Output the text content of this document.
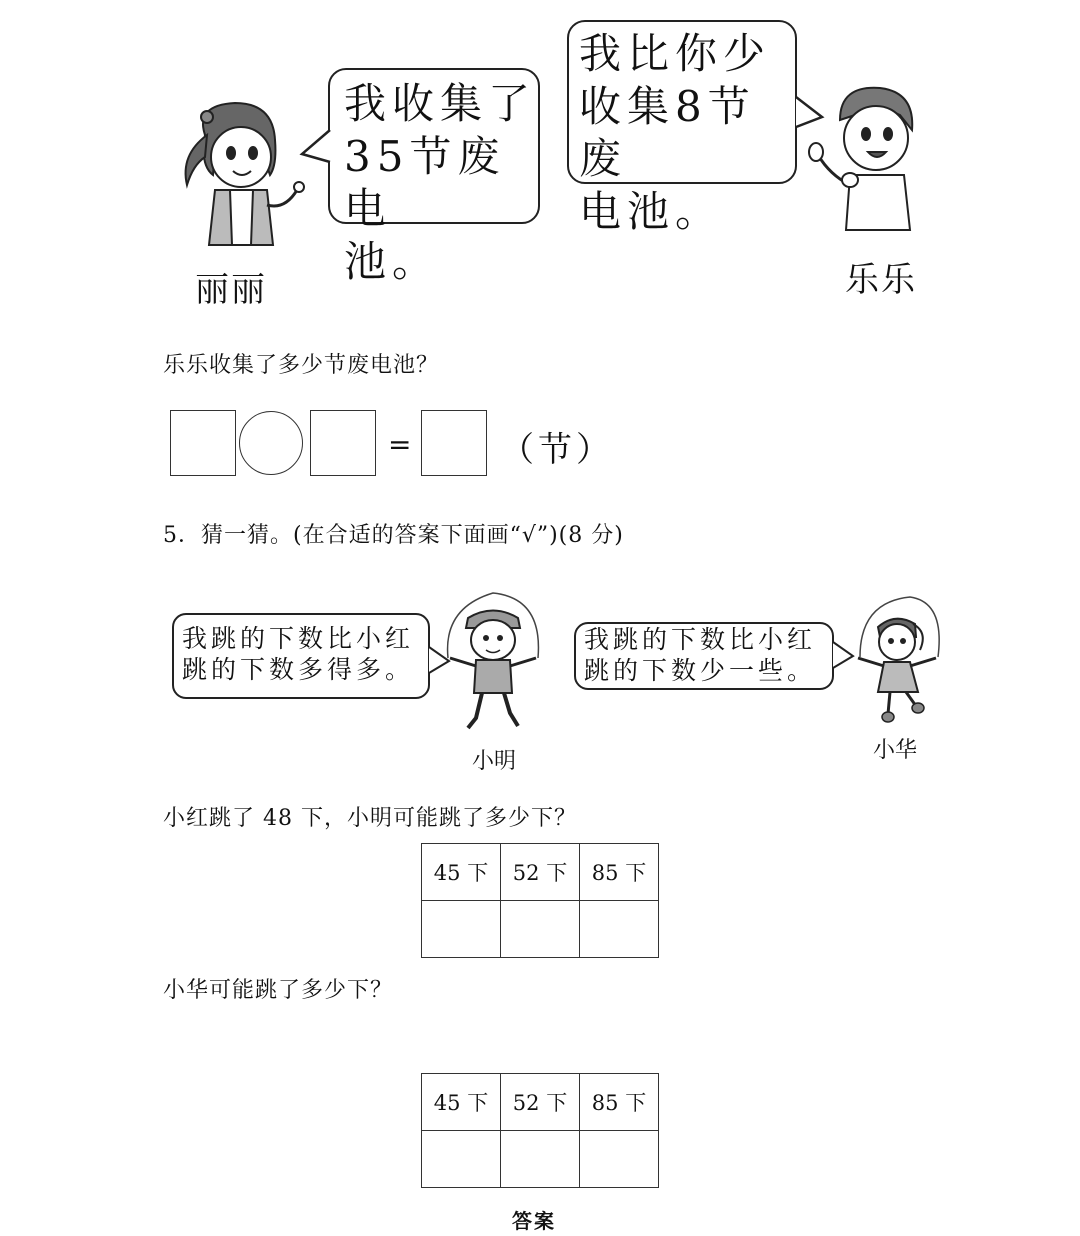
我收集了
35节废电
池。
丽丽
我比你少
收集8节废
电池。
乐乐
乐乐收集了多少节废电池？
=	（节）
5．猜一猜。(在合适的答案下面画“√”)(8 分)
我跳的下数比小红
跳的下数多得多。
小明
我跳的下数比小红
跳的下数少一些。
小华
小红跳了 48 下，小明可能跳了多少下？
45 下	52 下	85 下

小华可能跳了多少下？
45 下	52 下	85 下

答案
